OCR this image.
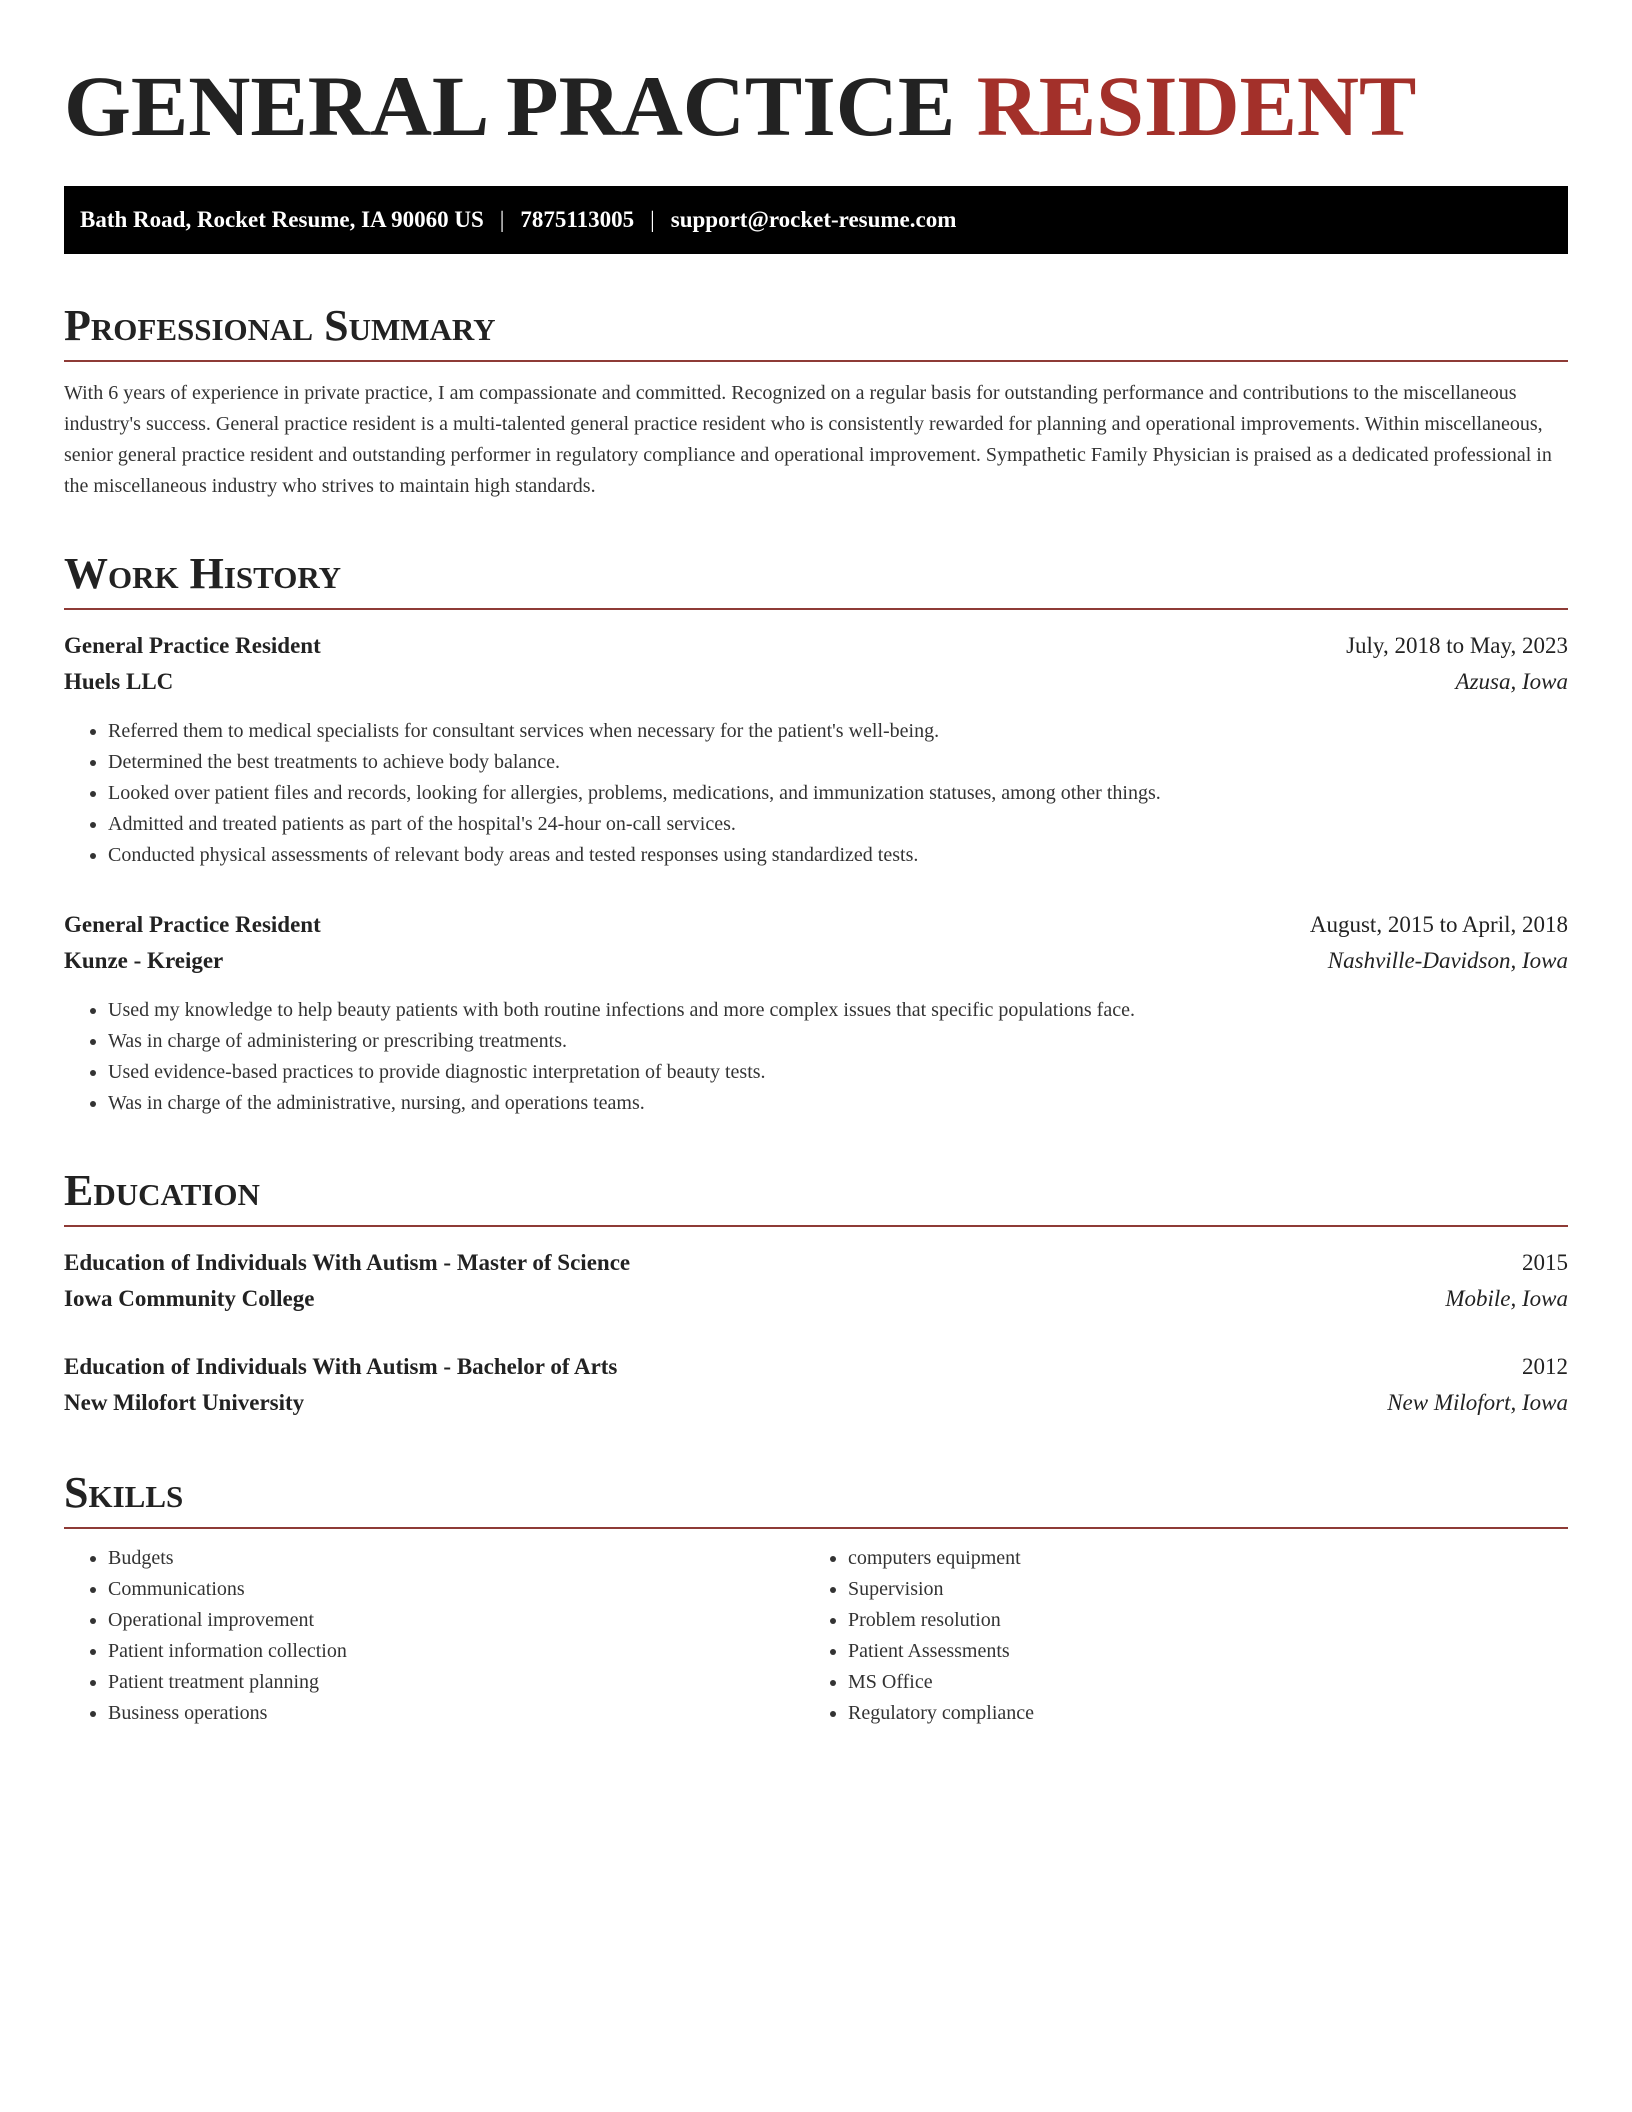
GENERAL PRACTICE RESIDENT
Bath Road, Rocket Resume, IA 90060 US | 7875113005 | support@rocket-resume.com
Professional Summary

With 6 years of experience in private practice, I am compassionate and committed. Recognized on a regular basis for outstanding performance and contributions to the miscellaneous industry's success. General practice resident is a multi-talented general practice resident who is consistently rewarded for planning and operational improvements. Within miscellaneous, senior general practice resident and outstanding performer in regulatory compliance and operational improvement. Sympathetic Family Physician is praised as a dedicated professional in the miscellaneous industry who strives to maintain high standards.

Work History
General Practice Resident	July, 2018 to May, 2023
Huels LLC	Azusa, Iowa
• Referred them to medical specialists for consultant services when necessary for the patient's well-being.
• Determined the best treatments to achieve body balance.
• Looked over patient files and records, looking for allergies, problems, medications, and immunization statuses, among other things.
• Admitted and treated patients as part of the hospital's 24-hour on-call services.
• Conducted physical assessments of relevant body areas and tested responses using standardized tests.
General Practice Resident	August, 2015 to April, 2018
Kunze - Kreiger	Nashville-Davidson, Iowa
• Used my knowledge to help beauty patients with both routine infections and more complex issues that specific populations face.
• Was in charge of administering or prescribing treatments.
• Used evidence-based practices to provide diagnostic interpretation of beauty tests.
• Was in charge of the administrative, nursing, and operations teams.
Education
Education of Individuals With Autism - Master of Science	2015
Iowa Community College	Mobile, Iowa
Education of Individuals With Autism - Bachelor of Arts	2012
New Milofort University	New Milofort, Iowa
Skills
• Budgets
• Communications
• Operational improvement
• Patient information collection
• Patient treatment planning
• Business operations
• computers equipment
• Supervision
• Problem resolution
• Patient Assessments
• MS Office
• Regulatory compliance
